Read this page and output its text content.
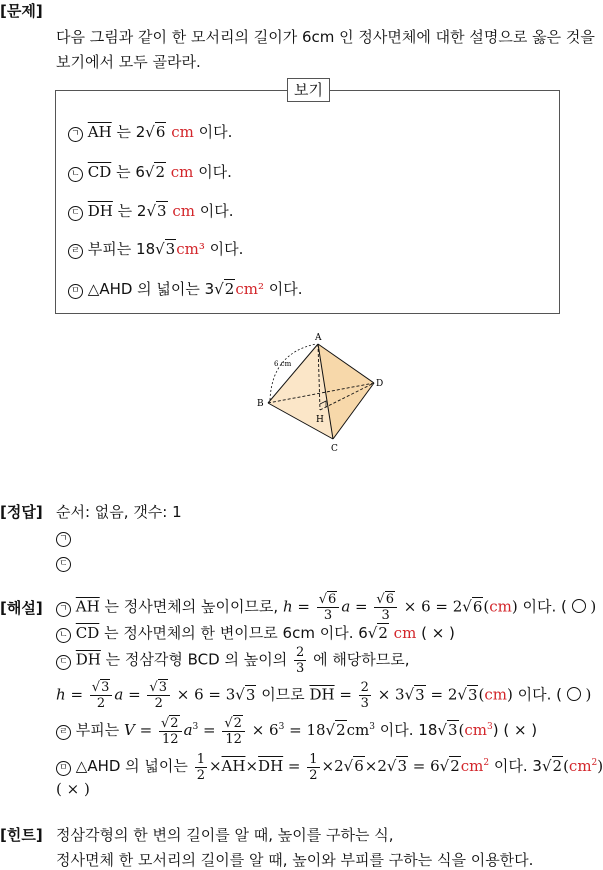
[문제]
다음 그림과 같이 한 모서리의 길이가 6cm 인 정사면체에 대한 설명으로 옳은 것을
보기에서 모두 골라라.
보기
ㄱ $\overline{AH}$ 는 2√6 cm 이다.
ㄴ $\overline{CD}$ 는 6√2 cm 이다.
ㄷ $\overline{DH}$ 는 2√3 cm 이다.
ㄹ 부피는 18√3cm³ 이다.
ㅁ △AHD 의 넓이는 3√2cm² 이다.
A
B
C
D
H
6 cm
[정답] 순서: 없음, 갯수: 1
ㄱ
ㄷ
[해설]	ㄱ $\overline{AH}$ 는 정사면체의 높이이므로, $h = \frac{√6}{3}$ $a = \frac{√6}{3} \times 6 = 2√6(cm)$ 이다. (  )
ㄴ $\overline{CD}$ 는 정사면체의 한 변이므로 6cm 이다. 6√2 cm ( × )
ㄷ $\overline{DH}$ 는 정삼각형 BCD 의 높이의 $\frac{2}{3}$ 에 해당하므로,
$h = \frac{√3}{2}$ $a = \frac{√3}{2} \times 6 = 3√3$ 이므로 $\overline{DH} = \frac{2}{3} \times 3√3 = 2√3(cm)$ 이다. (  )
ㄹ 부피는 $V = \frac{√2}{12} a^3 = \frac{√2}{12} \times 6^3 = 18√2cm^3$ 이다. $18√3(cm^3)$ ( × )
ㅁ △AHD 의 넓이는 $\frac{1}{2} \times\overline{AH}\times\overline{DH} = \frac{1}{2} \times 2√6\times 2√3 = 6√2cm^2$ 이다. $3√2(cm^2)$
( × )
[힌트] 정삼각형의 한 변의 길이를 알 때, 높이를 구하는 식,
정사면체 한 모서리의 길이를 알 때, 높이와 부피를 구하는 식을 이용한다.
